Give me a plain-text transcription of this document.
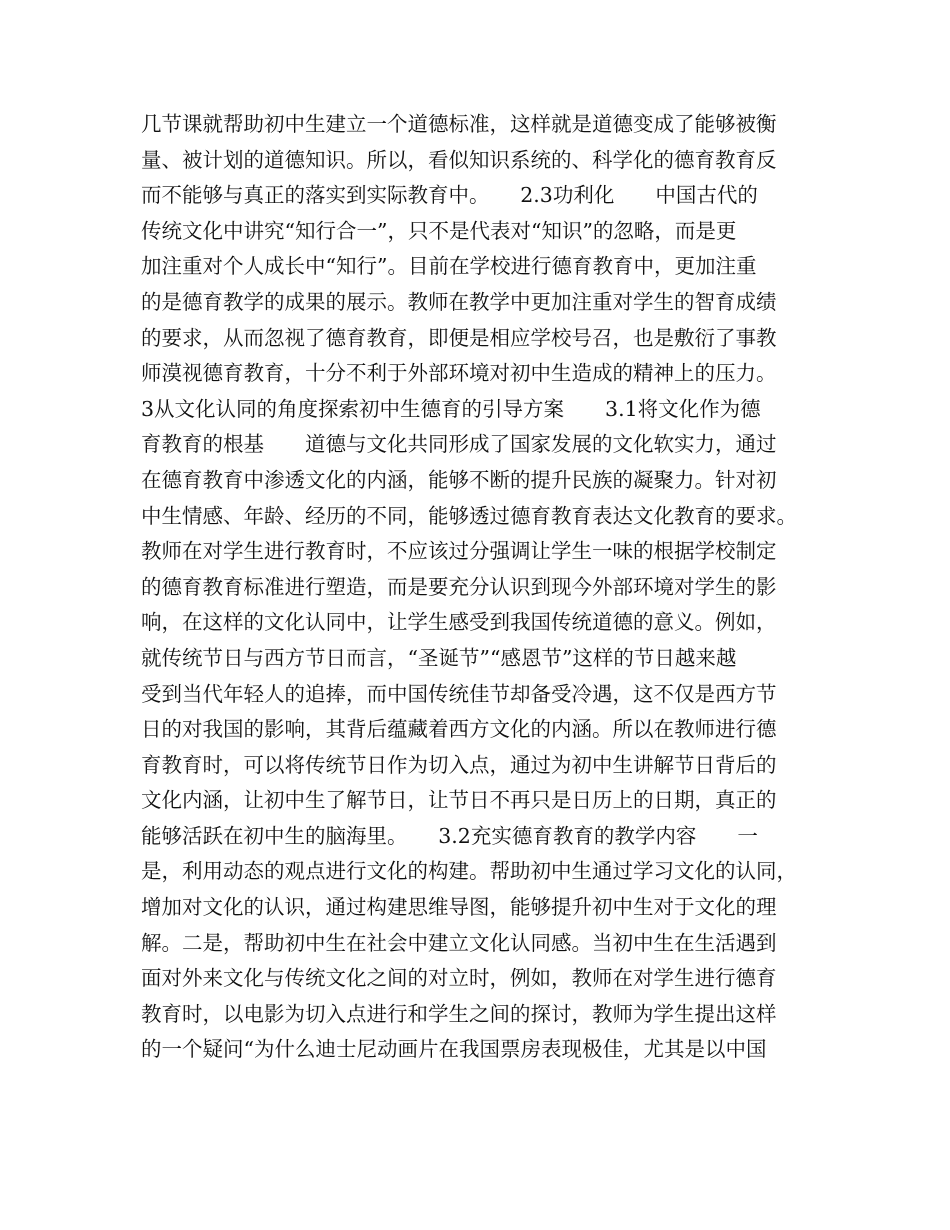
几节课就帮助初中生建立一个道德标准，这样就是道德变成了能够被衡
量、被计划的道德知识。所以，看似知识系统的、科学化的德育教育反
而不能够与真正的落实到实际教育中。　　2.3功利化　　中国古代的
传统文化中讲究“知行合一”，只不是代表对“知识”的忽略，而是更
加注重对个人成长中“知行”。目前在学校进行德育教育中，更加注重
的是德育教学的成果的展示。教师在教学中更加注重对学生的智育成绩
的要求，从而忽视了德育教育，即便是相应学校号召，也是敷衍了事教
师漠视德育教育，十分不利于外部环境对初中生造成的精神上的压力。
3从文化认同的角度探索初中生德育的引导方案　　3.1将文化作为德
育教育的根基　　道德与文化共同形成了国家发展的文化软实力，通过
在德育教育中渗透文化的内涵，能够不断的提升民族的凝聚力。针对初
中生情感、年龄、经历的不同，能够透过德育教育表达文化教育的要求。
教师在对学生进行教育时，不应该过分强调让学生一味的根据学校制定
的德育教育标准进行塑造，而是要充分认识到现今外部环境对学生的影
响，在这样的文化认同中，让学生感受到我国传统道德的意义。例如，
就传统节日与西方节日而言，“圣诞节”“感恩节”这样的节日越来越
受到当代年轻人的追捧，而中国传统佳节却备受冷遇，这不仅是西方节
日的对我国的影响，其背后蕴藏着西方文化的内涵。所以在教师进行德
育教育时，可以将传统节日作为切入点，通过为初中生讲解节日背后的
文化内涵，让初中生了解节日，让节日不再只是日历上的日期，真正的
能够活跃在初中生的脑海里。　　3.2充实德育教育的教学内容　　一
是，利用动态的观点进行文化的构建。帮助初中生通过学习文化的认同，
增加对文化的认识，通过构建思维导图，能够提升初中生对于文化的理
解。二是，帮助初中生在社会中建立文化认同感。当初中生在生活遇到
面对外来文化与传统文化之间的对立时，例如，教师在对学生进行德育
教育时，以电影为切入点进行和学生之间的探讨，教师为学生提出这样
的一个疑问“为什么迪士尼动画片在我国票房表现极佳，尤其是以中国
